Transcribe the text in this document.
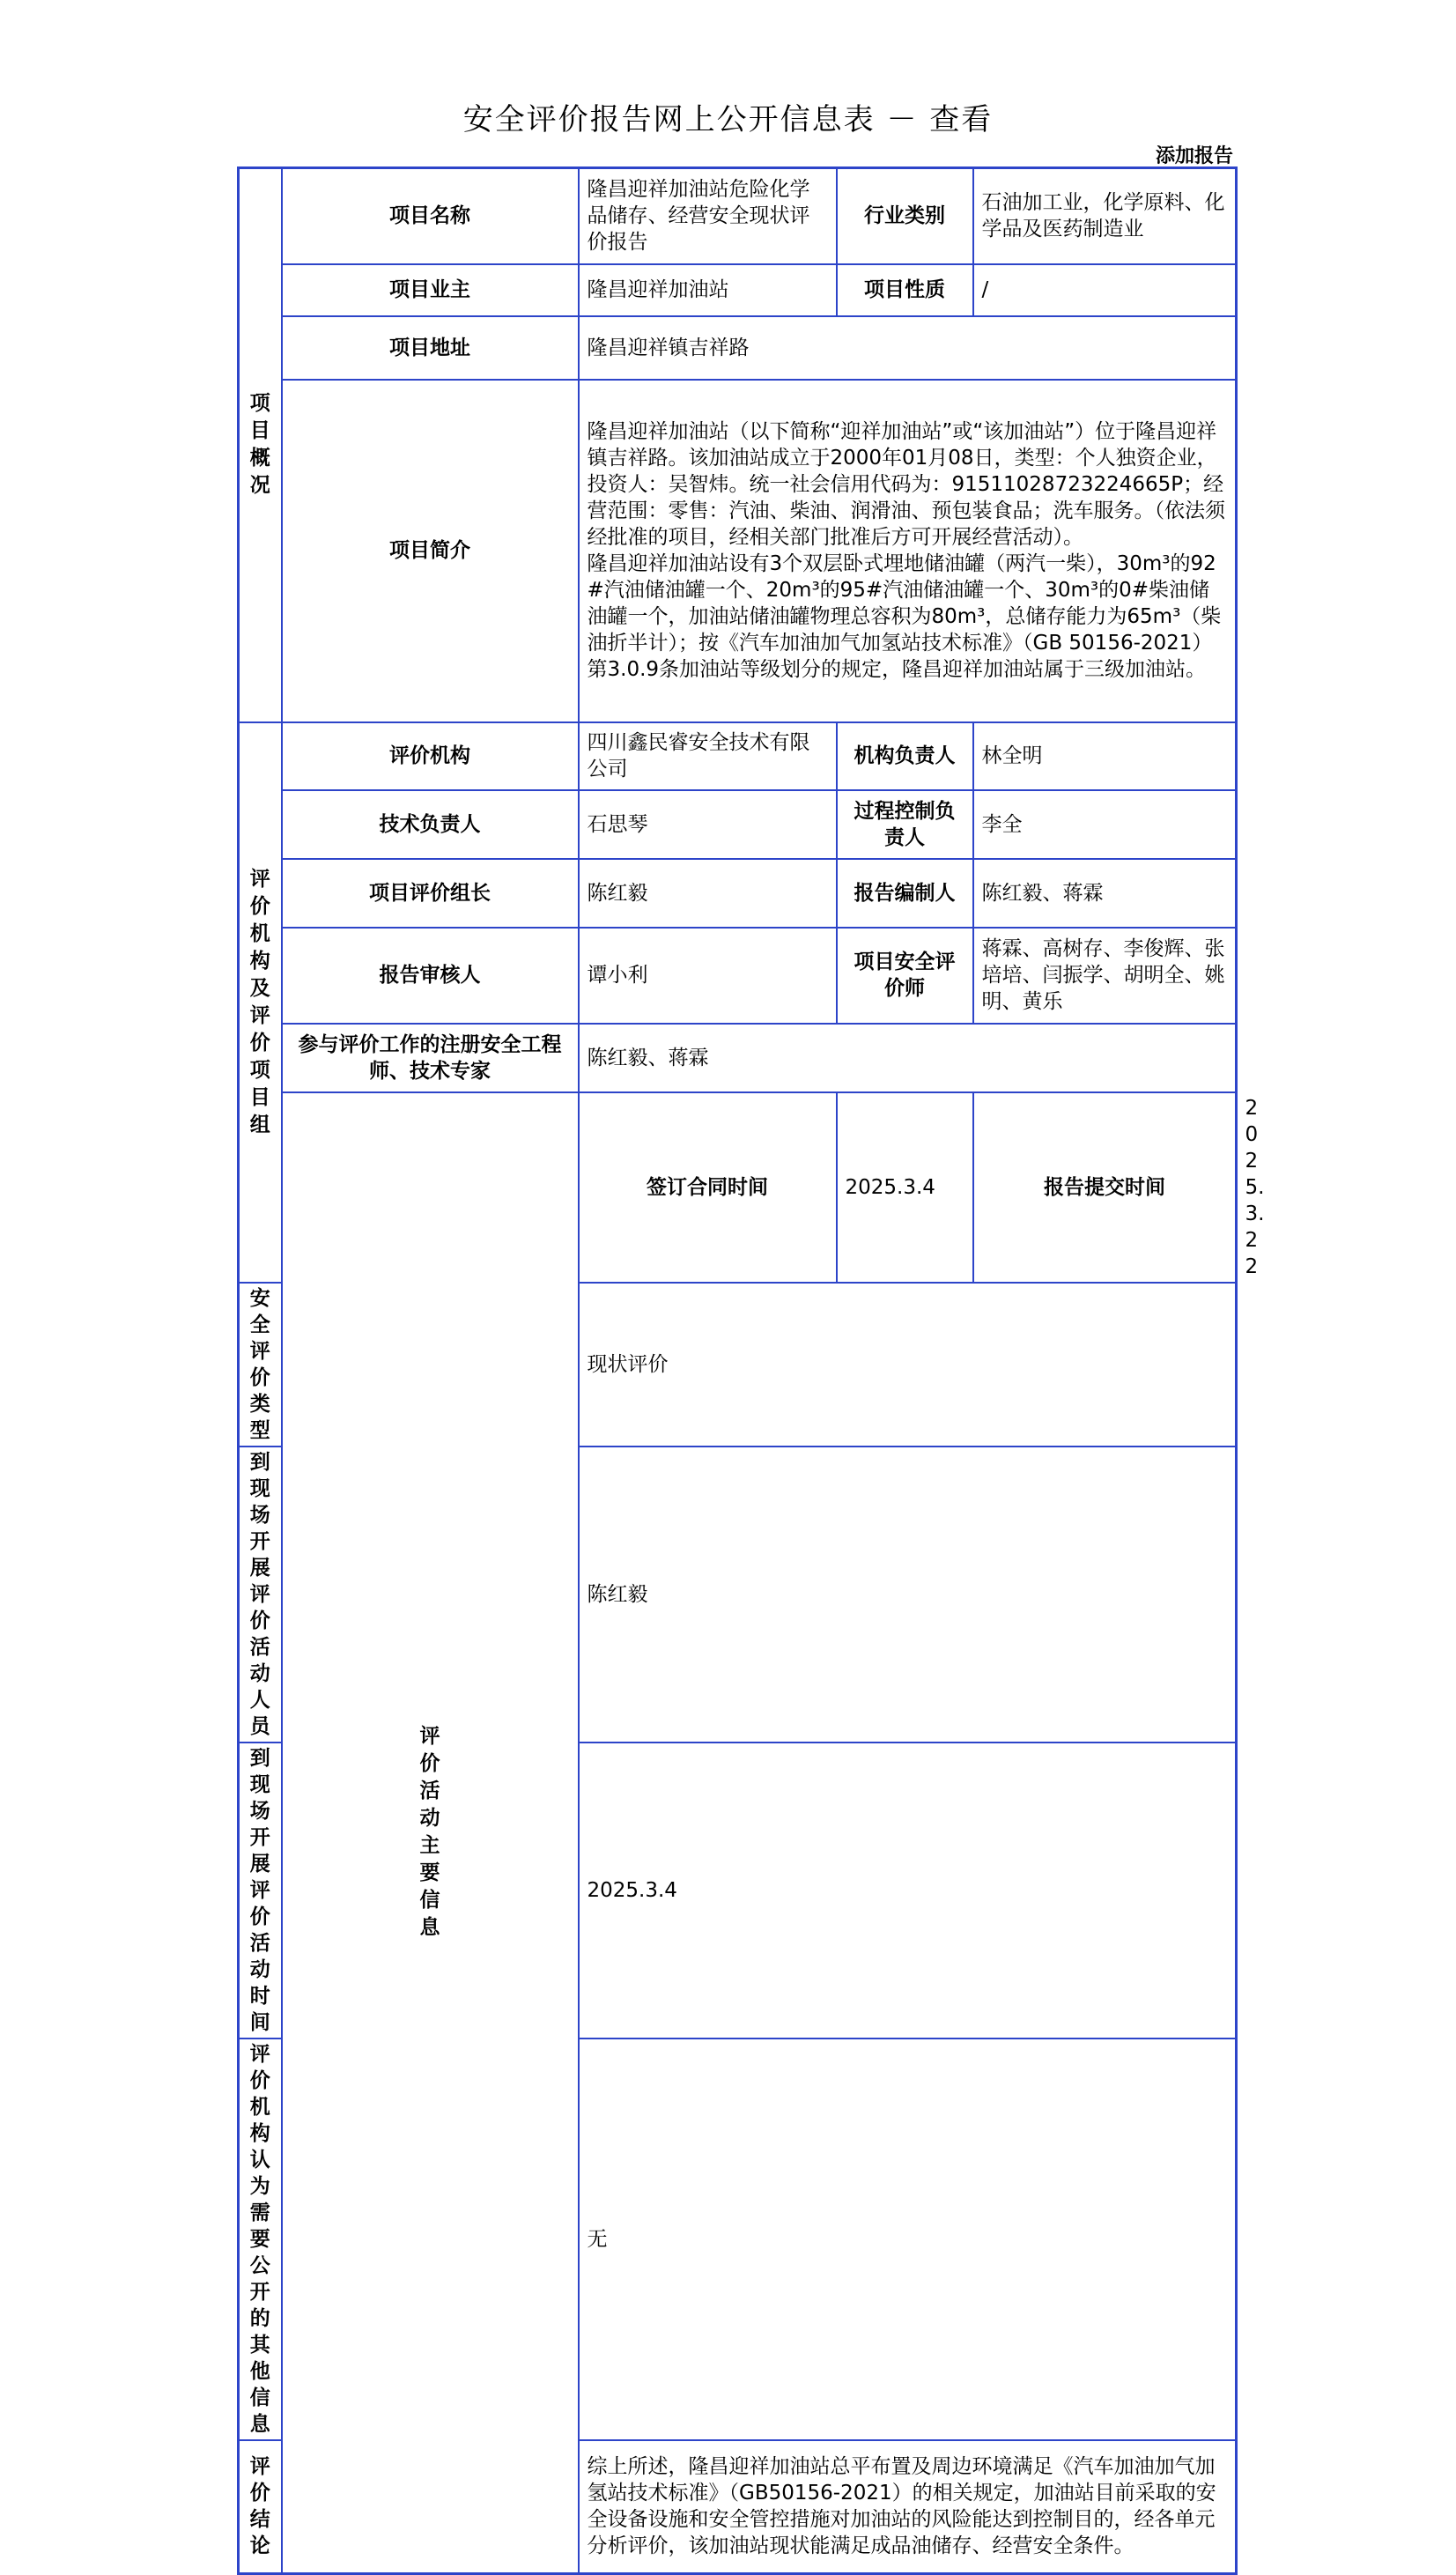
安全评价报告网上公开信息表 － 查看
添加报告
项目概况	项目名称	隆昌迎祥加油站危险化学品储存、经营安全现状评价报告	行业类别	石油加工业，化学原料、化学品及医药制造业	
	项目业主	隆昌迎祥加油站	项目性质	/	
	项目地址	隆昌迎祥镇吉祥路			
	项目简介	隆昌迎祥加油站（以下简称“迎祥加油站”或“该加油站”）位于隆昌迎祥镇吉祥路。该加油站成立于2000年01月08日，类型：个人独资企业，投资人：吴智炜。统一社会信用代码为：91511028723224665P；经营范围：零售：汽油、柴油、润滑油、预包装食品；洗车服务。（依法须经批准的项目，经相关部门批准后方可开展经营活动）。
隆昌迎祥加油站设有3个双层卧式埋地储油罐（两汽一柴），30m³的92#汽油储油罐一个、20m³的95#汽油储油罐一个、30m³的0#柴油储油罐一个，加油站储油罐物理总容积为80m³，总储存能力为65m³（柴油折半计）；按《汽车加油加气加氢站技术标准》（GB 50156-2021）第3.0.9条加油站等级划分的规定，隆昌迎祥加油站属于三级加油站。			

评价机构及评价项目组	评价机构	四川鑫民睿安全技术有限公司	机构负责人	林全明	
	技术负责人	石思琴	过程控制负责人	李全	
	项目评价组长	陈红毅	报告编制人	陈红毅、蒋霖	
	报告审核人	谭小利	项目安全评价师	蒋霖、高树存、李俊辉、张培培、闫振学、胡明全、姚明、黄乐	
	参与评价工作的注册安全工程师、技术专家	陈红毅、蒋霖			
	评价活动主要信息	签订合同时间	2025.3.4	报告提交时间	2025.3.22
安全评价类型		现状评价			
到现场开展评价活动人员		陈红毅			
到现场开展评价活动时间		2025.3.4			
评价机构认为需要公开的其他信息		无			
评价结论		综上所述，隆昌迎祥加油站总平布置及周边环境满足《汽车加油加气加氢站技术标准》（GB50156-2021）的相关规定，加油站目前采取的安全设备设施和安全管控措施对加油站的风险能达到控制目的，经各单元分析评价，该加油站现状能满足成品油储存、经营安全条件。			
